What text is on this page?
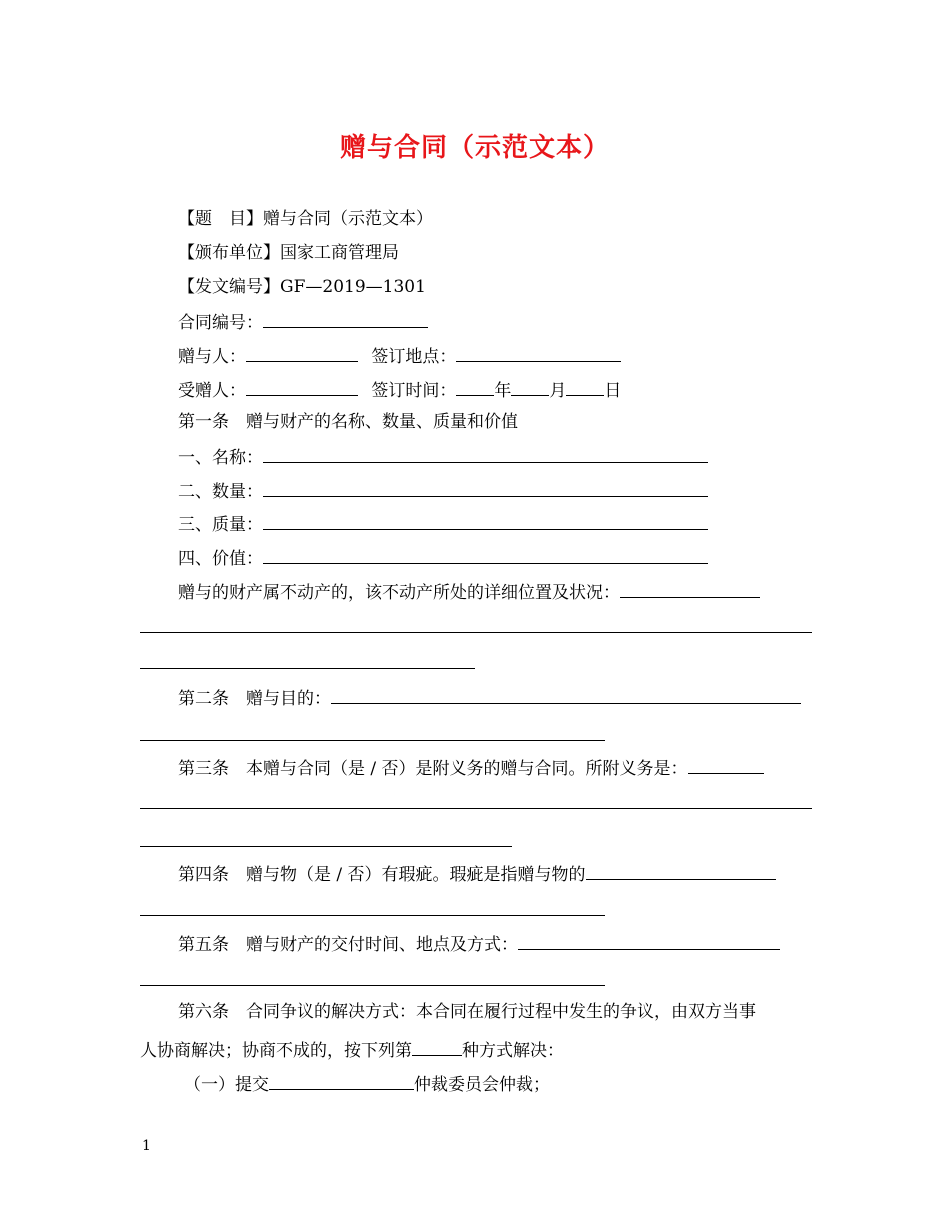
赠与合同（示范文本）
【题　目】赠与合同（示范文本）
【颁布单位】国家工商管理局
【发文编号】GF—2019—1301
合同编号：
赠与人：	签订地点：
受赠人：	签订时间： 年 月 日
第一条　赠与财产的名称、数量、质量和价值
一、名称：
二、数量：
三、质量：
四、价值：
赠与的财产属不动产的，该不动产所处的详细位置及状况：
第二条　赠与目的：
第三条　本赠与合同（是 / 否）是附义务的赠与合同。所附义务是：
第四条　赠与物（是 / 否）有瑕疵。瑕疵是指赠与物的
第五条　赠与财产的交付时间、地点及方式：
第六条　合同争议的解决方式：本合同在履行过程中发生的争议，由双方当事
人协商解决；协商不成的，按下列第	种方式解决：
（一）提交	仲裁委员会仲裁；
1
